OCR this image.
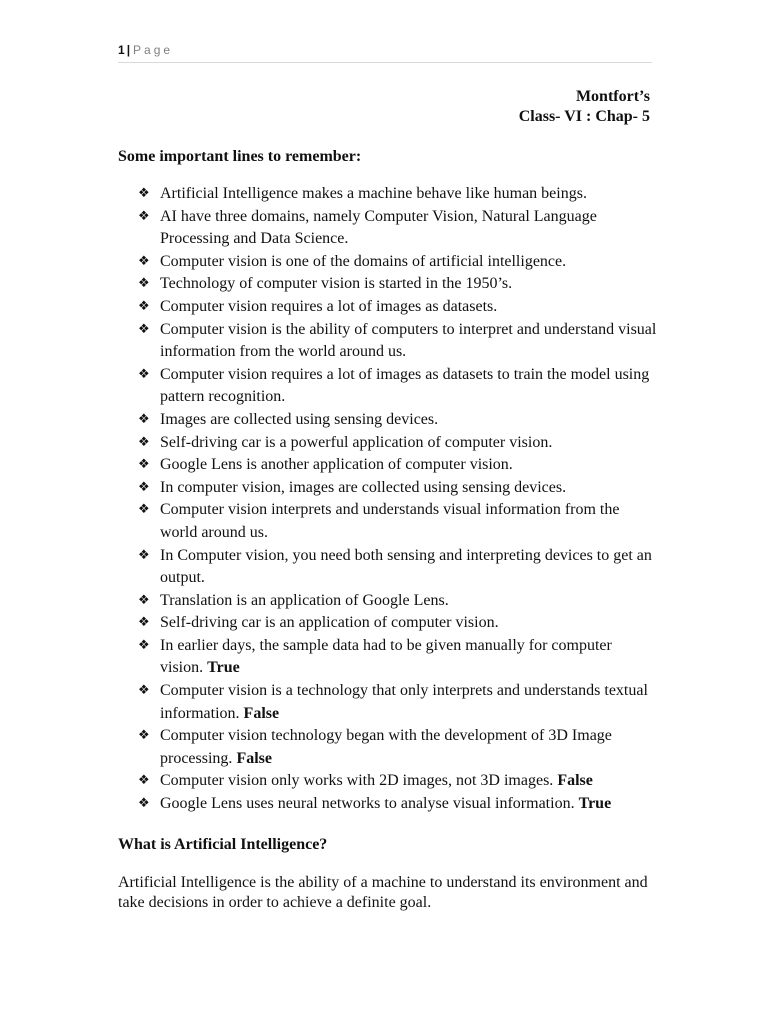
1 | Page
Montfort’s
Class- VI : Chap- 5
Some important lines to remember:
❖ Artificial Intelligence makes a machine behave like human beings.
❖ AI have three domains, namely Computer Vision, Natural Language Processing and Data Science.
❖ Computer vision is one of the domains of artificial intelligence.
❖ Technology of computer vision is started in the 1950’s.
❖ Computer vision requires a lot of images as datasets.
❖ Computer vision is the ability of computers to interpret and understand visual information from the world around us.
❖ Computer vision requires a lot of images as datasets to train the model using pattern recognition.
❖ Images are collected using sensing devices.
❖ Self-driving car is a powerful application of computer vision.
❖ Google Lens is another application of computer vision.
❖ In computer vision, images are collected using sensing devices.
❖ Computer vision interprets and understands visual information from the world around us.
❖ In Computer vision, you need both sensing and interpreting devices to get an output.
❖ Translation is an application of Google Lens.
❖ Self-driving car is an application of computer vision.
❖ In earlier days, the sample data had to be given manually for computer vision. True
❖ Computer vision is a technology that only interprets and understands textual information. False
❖ Computer vision technology began with the development of 3D Image processing. False
❖ Computer vision only works with 2D images, not 3D images. False
❖ Google Lens uses neural networks to analyse visual information. True
What is Artificial Intelligence?

Artificial Intelligence is the ability of a machine to understand its environment and take decisions in order to achieve a definite goal.
